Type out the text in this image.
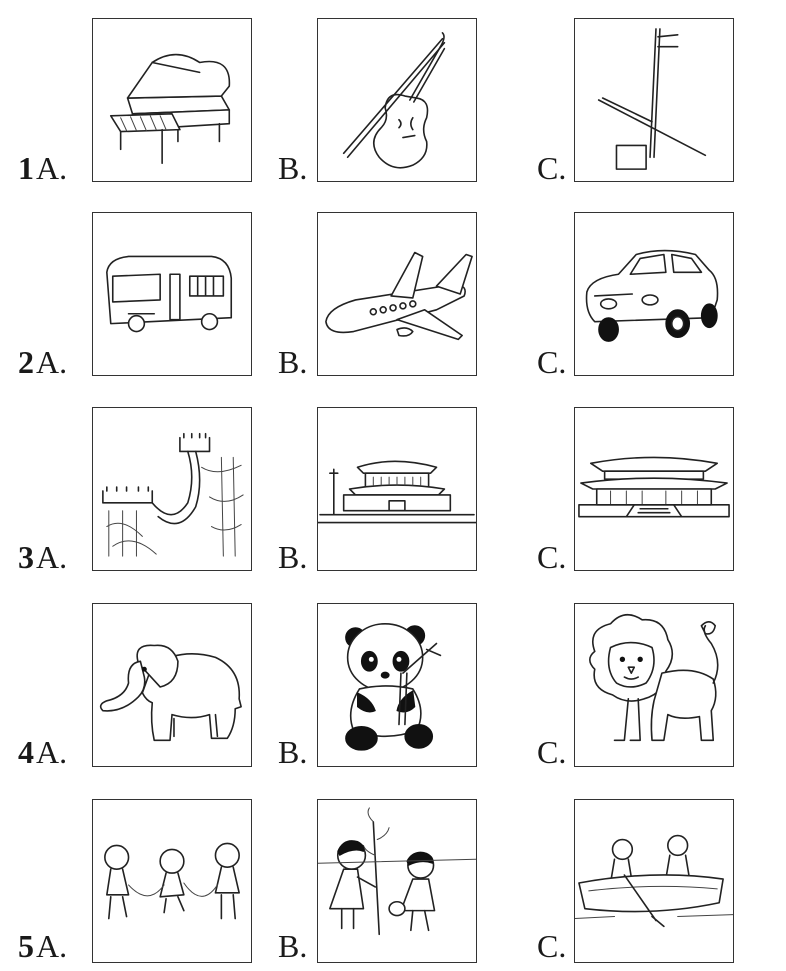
1 A.	B.	C.
2 A.	B.	C.
3 A.	B.	C.
4 A.	B.	C.
5 A.	B.	C.
